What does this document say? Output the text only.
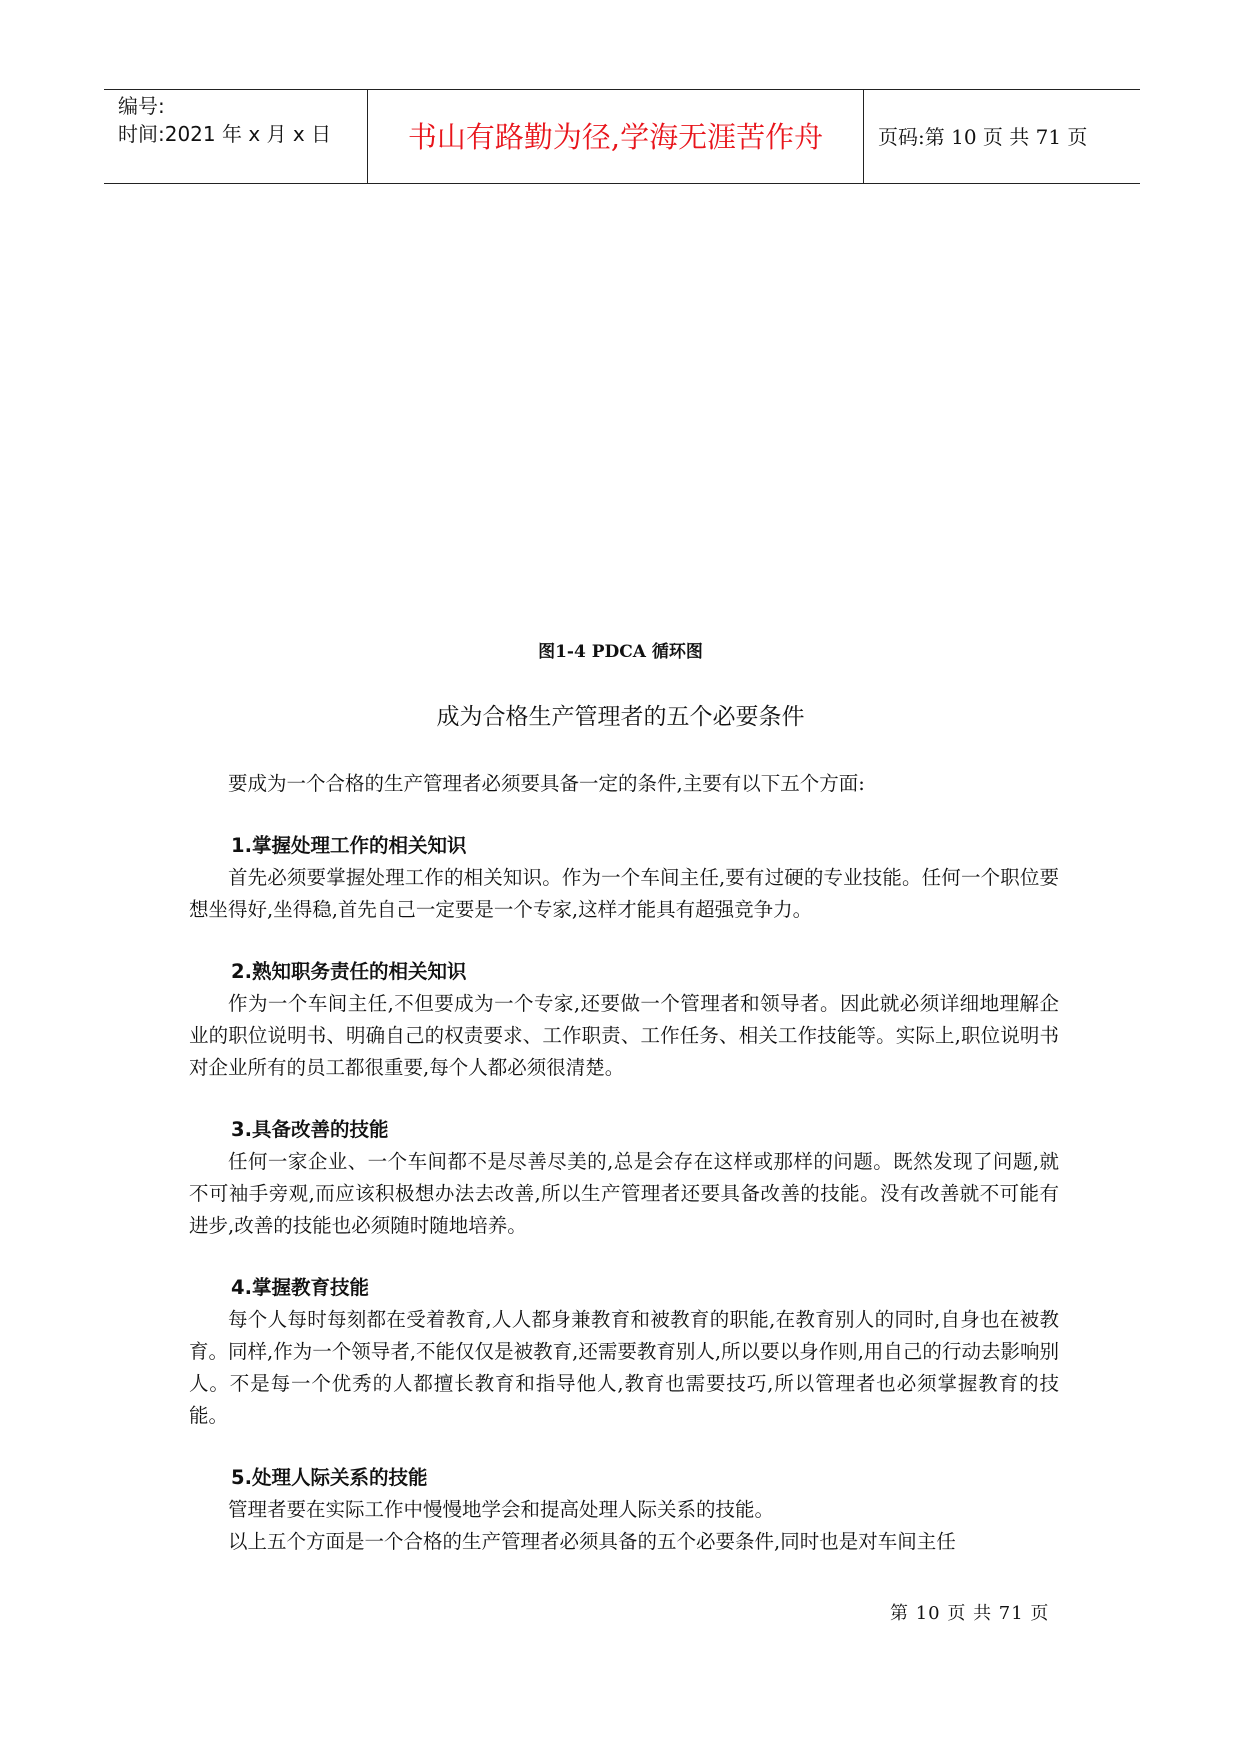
编号:
时间:2021 年 x 月 x 日	书山有路勤为径,学海无涯苦作舟	页码:第 10 页 共 71 页
图1-4 PDCA 循环图
成为合格生产管理者的五个必要条件

要成为一个合格的生产管理者必须要具备一定的条件,主要有以下五个方面:

1.掌握处理工作的相关知识

首先必须要掌握处理工作的相关知识。作为一个车间主任,要有过硬的专业技能。任何一个职位要想坐得好,坐得稳,首先自己一定要是一个专家,这样才能具有超强竞争力。

2.熟知职务责任的相关知识

作为一个车间主任,不但要成为一个专家,还要做一个管理者和领导者。因此就必须详细地理解企业的职位说明书、明确自己的权责要求、工作职责、工作任务、相关工作技能等。实际上,职位说明书对企业所有的员工都很重要,每个人都必须很清楚。

3.具备改善的技能

任何一家企业、一个车间都不是尽善尽美的,总是会存在这样或那样的问题。既然发现了问题,就不可袖手旁观,而应该积极想办法去改善,所以生产管理者还要具备改善的技能。没有改善就不可能有进步,改善的技能也必须随时随地培养。

4.掌握教育技能

每个人每时每刻都在受着教育,人人都身兼教育和被教育的职能,在教育别人的同时,自身也在被教育。同样,作为一个领导者,不能仅仅是被教育,还需要教育别人,所以要以身作则,用自己的行动去影响别人。不是每一个优秀的人都擅长教育和指导他人,教育也需要技巧,所以管理者也必须掌握教育的技能。

5.处理人际关系的技能

管理者要在实际工作中慢慢地学会和提高处理人际关系的技能。

以上五个方面是一个合格的生产管理者必须具备的五个必要条件,同时也是对车间主任

第 10 页 共 71 页
